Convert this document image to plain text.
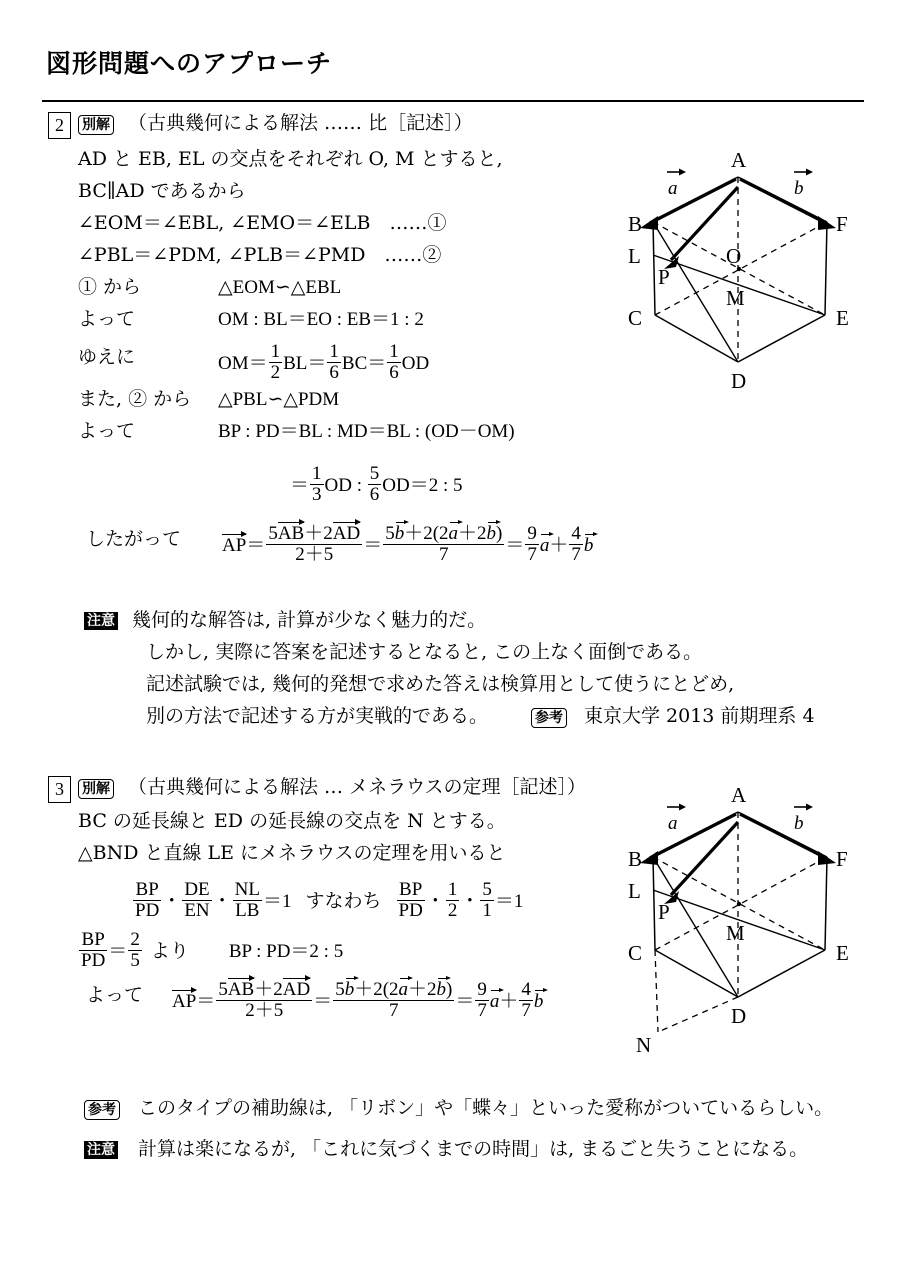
図形問題へのアプローチ
2	別解 （古典幾何による解法 …… 比［記述］）
AD と EB, EL の交点をそれぞれ O, M とすると,
BC∥AD であるから
∠EOM＝∠EBL, ∠EMO＝∠ELB　……①
∠PBL＝∠PDM, ∠PLB＝∠PMD　……②
① から	△EOM∽△EBL
よって	OM : BL＝EO : EB＝1 : 2
ゆえに	$OM= \frac{1}{2} BL= \frac{1}{6} BC= \frac{1}{6}$ OD
また, ② から △PBL∽△PDM
よって	BP : PD＝BL : MD＝BL : (OD－OM)
＝ $\frac{1}{3}$ OD : $\frac{5}{6} OD=2$ : 5
したがって $AP= \frac{5AB+2AD}{2+5} = \frac{5b+2(2a+2b)}{7} = \frac{9}{7} a+ \frac{4}{7}$ b
注意 幾何的な解答は, 計算が少なく魅力的だ。
しかし, 実際に答案を記述するとなると, この上なく面倒である。
記述試験では, 幾何的発想で求めた答えは検算用として使うにとどめ,
別の方法で記述する方が実戦的である。	参考 東京大学 2013 前期理系 4
3	別解 （古典幾何による解法 … メネラウスの定理［記述］）
BC の延長線と ED の延長線の交点を N とする。
△BND と直線 LE にメネラウスの定理を用いると
$\frac{BP}{PD}$ ・ $\frac{DE}{EN}$ ・ $\frac{NL}{LB} =1$ すなわち $\frac{BP}{PD}$ ・ $\frac{1}{2}$ ・ $\frac{5}{1} =1$
$\frac{BP}{PD} = \frac{2}{5}$ より BP : PD＝2 : 5
よって $AP= \frac{5AB+2AD}{2+5} = \frac{5b+2(2a+2b)}{7} = \frac{9}{7} a+ \frac{4}{7}$ b
参考 このタイプの補助線は, 「リボン」や「蝶々」といった愛称がついているらしい。
注意 計算は楽になるが, 「これに気づくまでの時間」は, まるごと失うことになる。
A
B
C
D
E
F
L
P
O
M
a	b
A
B
C
D
E
F
L
P
M
N
a	b
